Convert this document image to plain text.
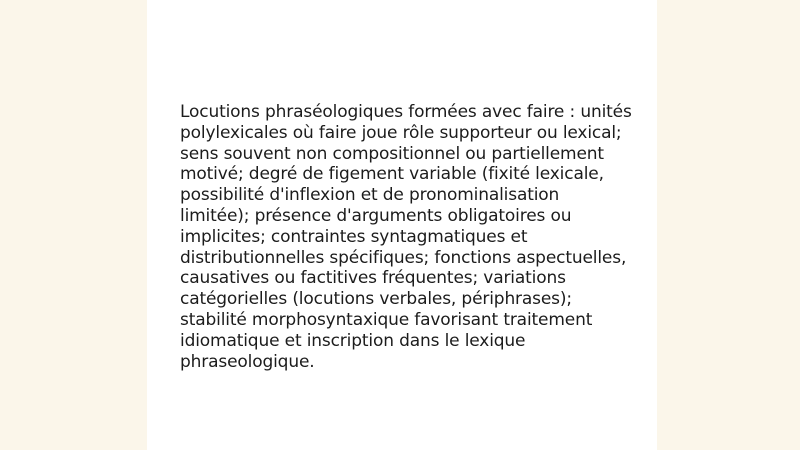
Locutions phraséologiques formées avec faire : unités
polylexicales où faire joue rôle supporteur ou lexical;
sens souvent non compositionnel ou partiellement
motivé; degré de figement variable (fixité lexicale,
possibilité d'inflexion et de pronominalisation
limitée); présence d'arguments obligatoires ou
implicites; contraintes syntagmatiques et
distributionnelles spécifiques; fonctions aspectuelles,
causatives ou factitives fréquentes; variations
catégorielles (locutions verbales, périphrases);
stabilité morphosyntaxique favorisant traitement
idiomatique et inscription dans le lexique
phraseologique.
